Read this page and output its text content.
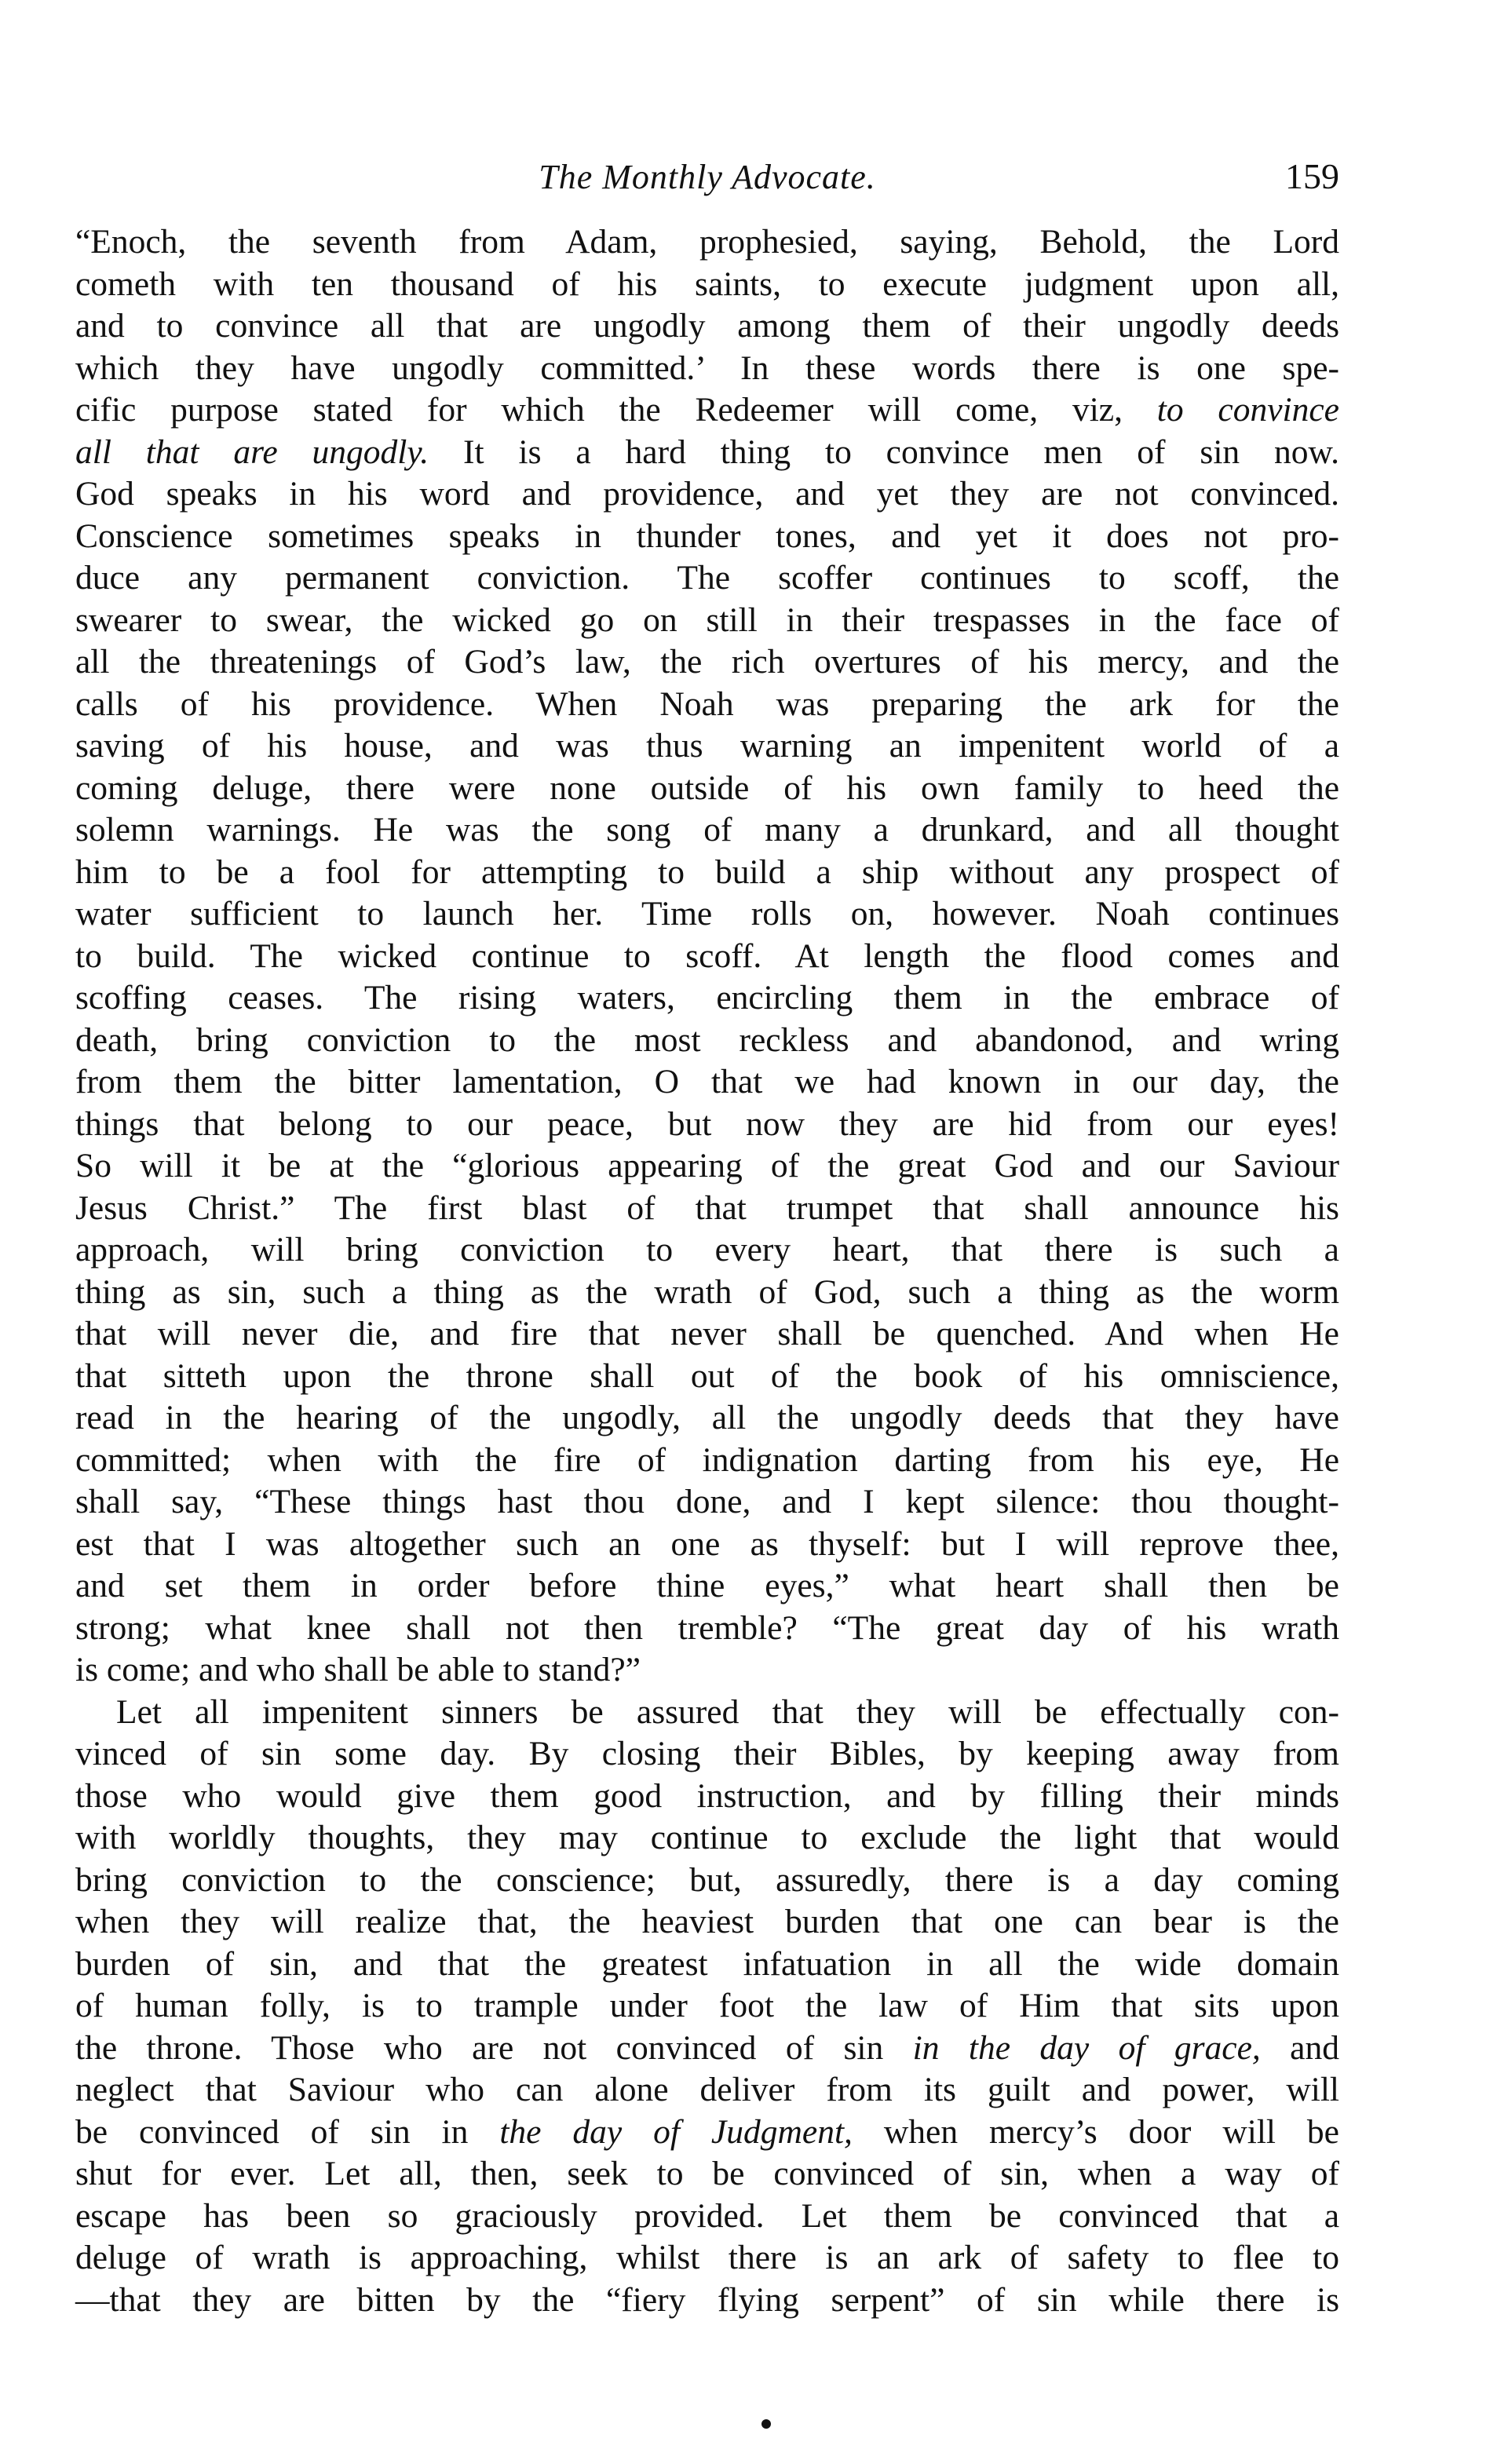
The Monthly Advocate.	159

“Enoch, the seventh from Adam, prophesied, saying, Behold, the Lord
cometh with ten thousand of his saints, to execute judgment upon all,
and to convince all that are ungodly among them of their ungodly deeds
which they have ungodly committed.’ In these words there is one spe-
cific purpose stated for which the Redeemer will come, viz, to convince
all that are ungodly. It is a hard thing to convince men of sin now.
God speaks in his word and providence, and yet they are not convinced.
Conscience sometimes speaks in thunder tones, and yet it does not pro-
duce any permanent conviction. The scoffer continues to scoff, the
swearer to swear, the wicked go on still in their trespasses in the face of
all the threatenings of God’s law, the rich overtures of his mercy, and the
calls of his providence. When Noah was preparing the ark for the
saving of his house, and was thus warning an impenitent world of a
coming deluge, there were none outside of his own family to heed the
solemn warnings. He was the song of many a drunkard, and all thought
him to be a fool for attempting to build a ship without any prospect of
water sufficient to launch her. Time rolls on, however. Noah continues
to build. The wicked continue to scoff. At length the flood comes and
scoffing ceases. The rising waters, encircling them in the embrace of
death, bring conviction to the most reckless and abandonod, and wring
from them the bitter lamentation, O that we had known in our day, the
things that belong to our peace, but now they are hid from our eyes!
So will it be at the “glorious appearing of the great God and our Saviour
Jesus Christ.” The first blast of that trumpet that shall announce his
approach, will bring conviction to every heart, that there is such a
thing as sin, such a thing as the wrath of God, such a thing as the worm
that will never die, and fire that never shall be quenched. And when He
that sitteth upon the throne shall out of the book of his omniscience,
read in the hearing of the ungodly, all the ungodly deeds that they have
committed; when with the fire of indignation darting from his eye, He
shall say, “These things hast thou done, and I kept silence: thou thought-
est that I was altogether such an one as thyself: but I will reprove thee,
and set them in order before thine eyes,” what heart shall then be
strong; what knee shall not then tremble? “The great day of his wrath
is come; and who shall be able to stand?”

Let all impenitent sinners be assured that they will be effectually con-
vinced of sin some day. By closing their Bibles, by keeping away from
those who would give them good instruction, and by filling their minds
with worldly thoughts, they may continue to exclude the light that would
bring conviction to the conscience; but, assuredly, there is a day coming
when they will realize that, the heaviest burden that one can bear is the
burden of sin, and that the greatest infatuation in all the wide domain
of human folly, is to trample under foot the law of Him that sits upon
the throne. Those who are not convinced of sin in the day of grace, and
neglect that Saviour who can alone deliver from its guilt and power, will
be convinced of sin in the day of Judgment, when mercy’s door will be
shut for ever. Let all, then, seek to be convinced of sin, when a way of
escape has been so graciously provided. Let them be convinced that a
deluge of wrath is approaching, whilst there is an ark of safety to flee to
—that they are bitten by the “fiery flying serpent” of sin while there is
